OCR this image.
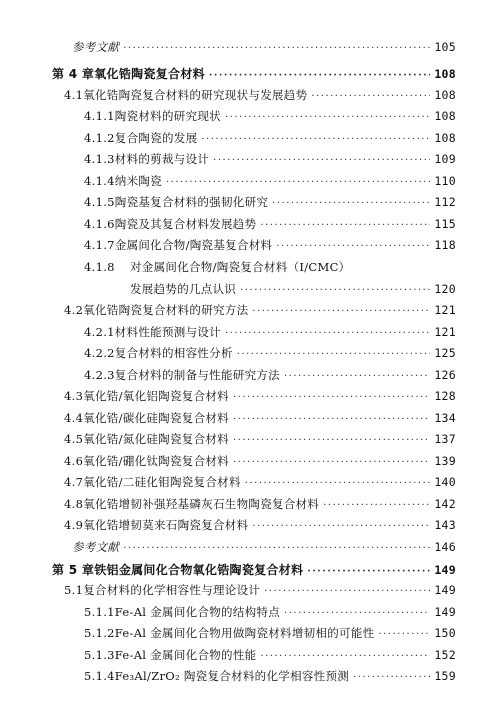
参考文献 ·····	105
第 4 章 氧化锆陶瓷复合材料 ·····	108
4.1 氧化锆陶瓷复合材料的研究现状与发展趋势 ·····	108
4.1.1 陶瓷材料的研究现状 ·····	108
4.1.2 复合陶瓷的发展 ·····	108
4.1.3 材料的剪裁与设计 ·····	109
4.1.4 纳米陶瓷 ·····	110
4.1.5 陶瓷基复合材料的强韧化研究 ·····	112
4.1.6 陶瓷及其复合材料发展趋势 ·····	115
4.1.7 金属间化合物/陶瓷基复合材料 ·····	118
4.1.8	对金属间化合物/陶瓷复合材料（I/CMC）
发展趋势的几点认识 ·····	120
4.2 氧化锆陶瓷复合材料的研究方法 ·····	121
4.2.1 材料性能预测与设计 ·····	121
4.2.2 复合材料的相容性分析 ·····	125
4.2.3 复合材料的制备与性能研究方法 ·····	126
4.3 氧化锆/氧化铝陶瓷复合材料 ·····	128
4.4 氧化锆/碳化硅陶瓷复合材料 ·····	134
4.5 氧化锆/氮化硅陶瓷复合材料 ·····	137
4.6 氧化锆/硼化钛陶瓷复合材料 ·····	139
4.7 氧化锆/二硅化钼陶瓷复合材料 ·····	140
4.8 氧化锆增韧补强羟基磷灰石生物陶瓷复合材料 ·····	142
4.9 氧化锆增韧莫来石陶瓷复合材料 ·····	143
参考文献 ·····	146
第 5 章 铁铝金属间化合物氧化锆陶瓷复合材料 ·····	149
5.1 复合材料的化学相容性与理论设计 ·····	149
5.1.1 Fe-Al 金属间化合物的结构特点 ·····	149
5.1.2 Fe-Al 金属间化合物用做陶瓷材料增韧相的可能性 ·····	150
5.1.3 Fe-Al 金属间化合物的性能 ·····	152
5.1.4 Fe₃Al/ZrO₂ 陶瓷复合材料的化学相容性预测 ·····	159
